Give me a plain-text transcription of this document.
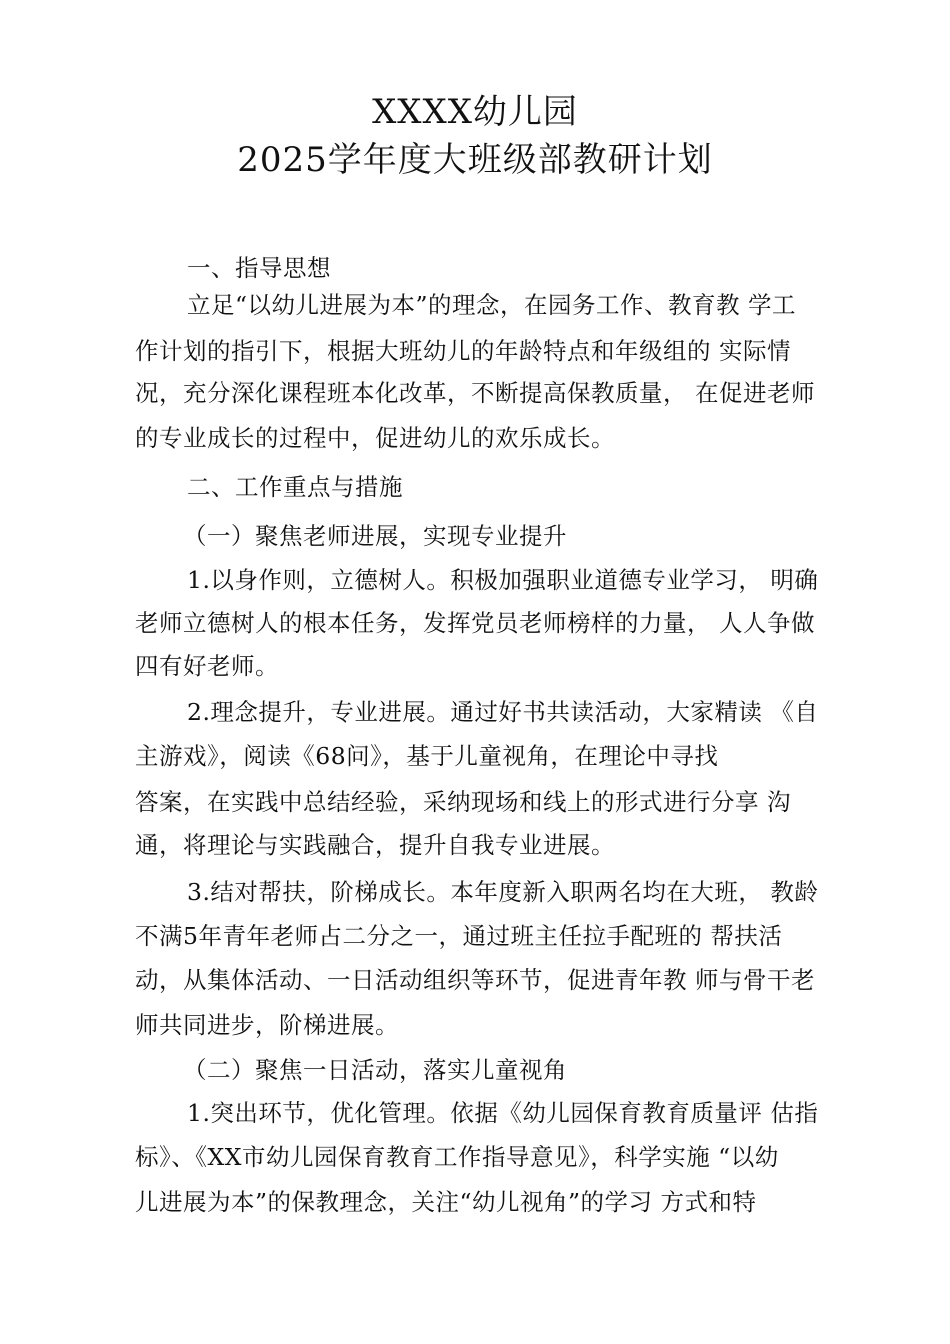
XXXX幼儿园
2025学年度大班级部教研计划
一、指导思想
立足“以幼儿进展为本”的理念，在园务工作、教育教 学工
作计划的指引下，根据大班幼儿的年龄特点和年级组的 实际情
况，充分深化课程班本化改革，不断提高保教质量， 在促进老师
的专业成长的过程中，促进幼儿的欢乐成长。
二、工作重点与措施
（一）聚焦老师进展，实现专业提升
1.以身作则，立德树人。积极加强职业道德专业学习， 明确
老师立德树人的根本任务，发挥党员老师榜样的力量， 人人争做
四有好老师。
2.理念提升，专业进展。通过好书共读活动，大家精读 《自
主游戏》，阅读《68问》，基于儿童视角，在理论中寻找
答案，在实践中总结经验，采纳现场和线上的形式进行分享 沟
通，将理论与实践融合，提升自我专业进展。
3.结对帮扶，阶梯成长。本年度新入职两名均在大班， 教龄
不满5年青年老师占二分之一，通过班主任拉手配班的 帮扶活
动，从集体活动、一日活动组织等环节，促进青年教 师与骨干老
师共同进步，阶梯进展。
（二）聚焦一日活动，落实儿童视角
1.突出环节，优化管理。依据《幼儿园保育教育质量评 估指
标》、《XX市幼儿园保育教育工作指导意见》，科学实施 “以幼
儿进展为本”的保教理念，关注“幼儿视角”的学习 方式和特
